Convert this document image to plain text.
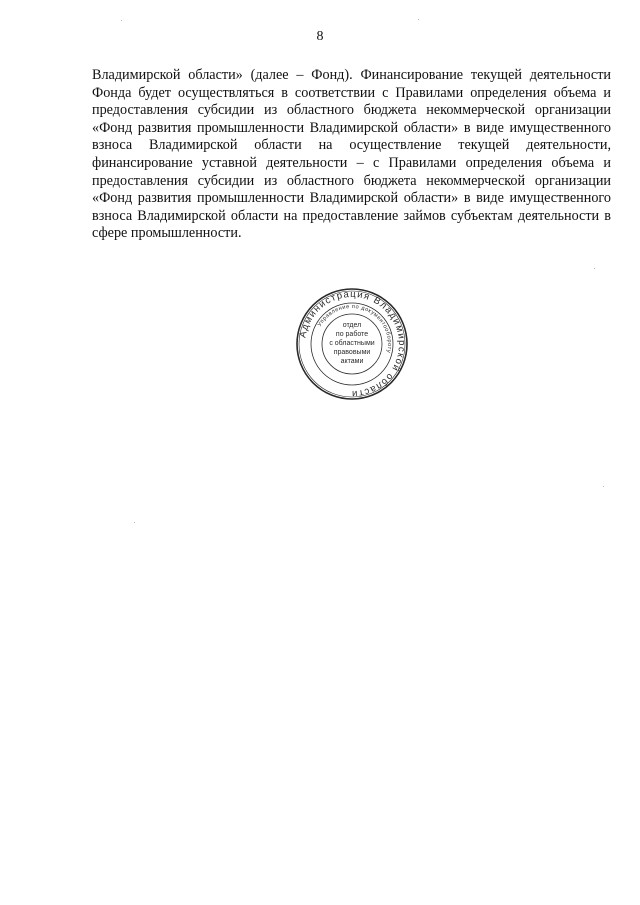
8

Владимирской области» (далее – Фонд). Финансирование текущей деятельности Фонда будет осуществляться в соответствии с Правилами определения объема и предоставления субсидии из областного бюджета некоммерческой организации «Фонд развития промышленности Владимирской области» в виде имущественного взноса Владимирской области на осуществление текущей деятельности, финансирование уставной деятельности – с Правилами определения объема и предоставления субсидии из областного бюджета некоммерческой организации «Фонд развития промышленности Владимирской области» в виде имущественного взноса Владимирской области на предоставление займов субъектам деятельности в сфере промышленности.

Администрация Владимирской области
Управление по документообороту
отдел
по работе
с областными
правовыми
актами
